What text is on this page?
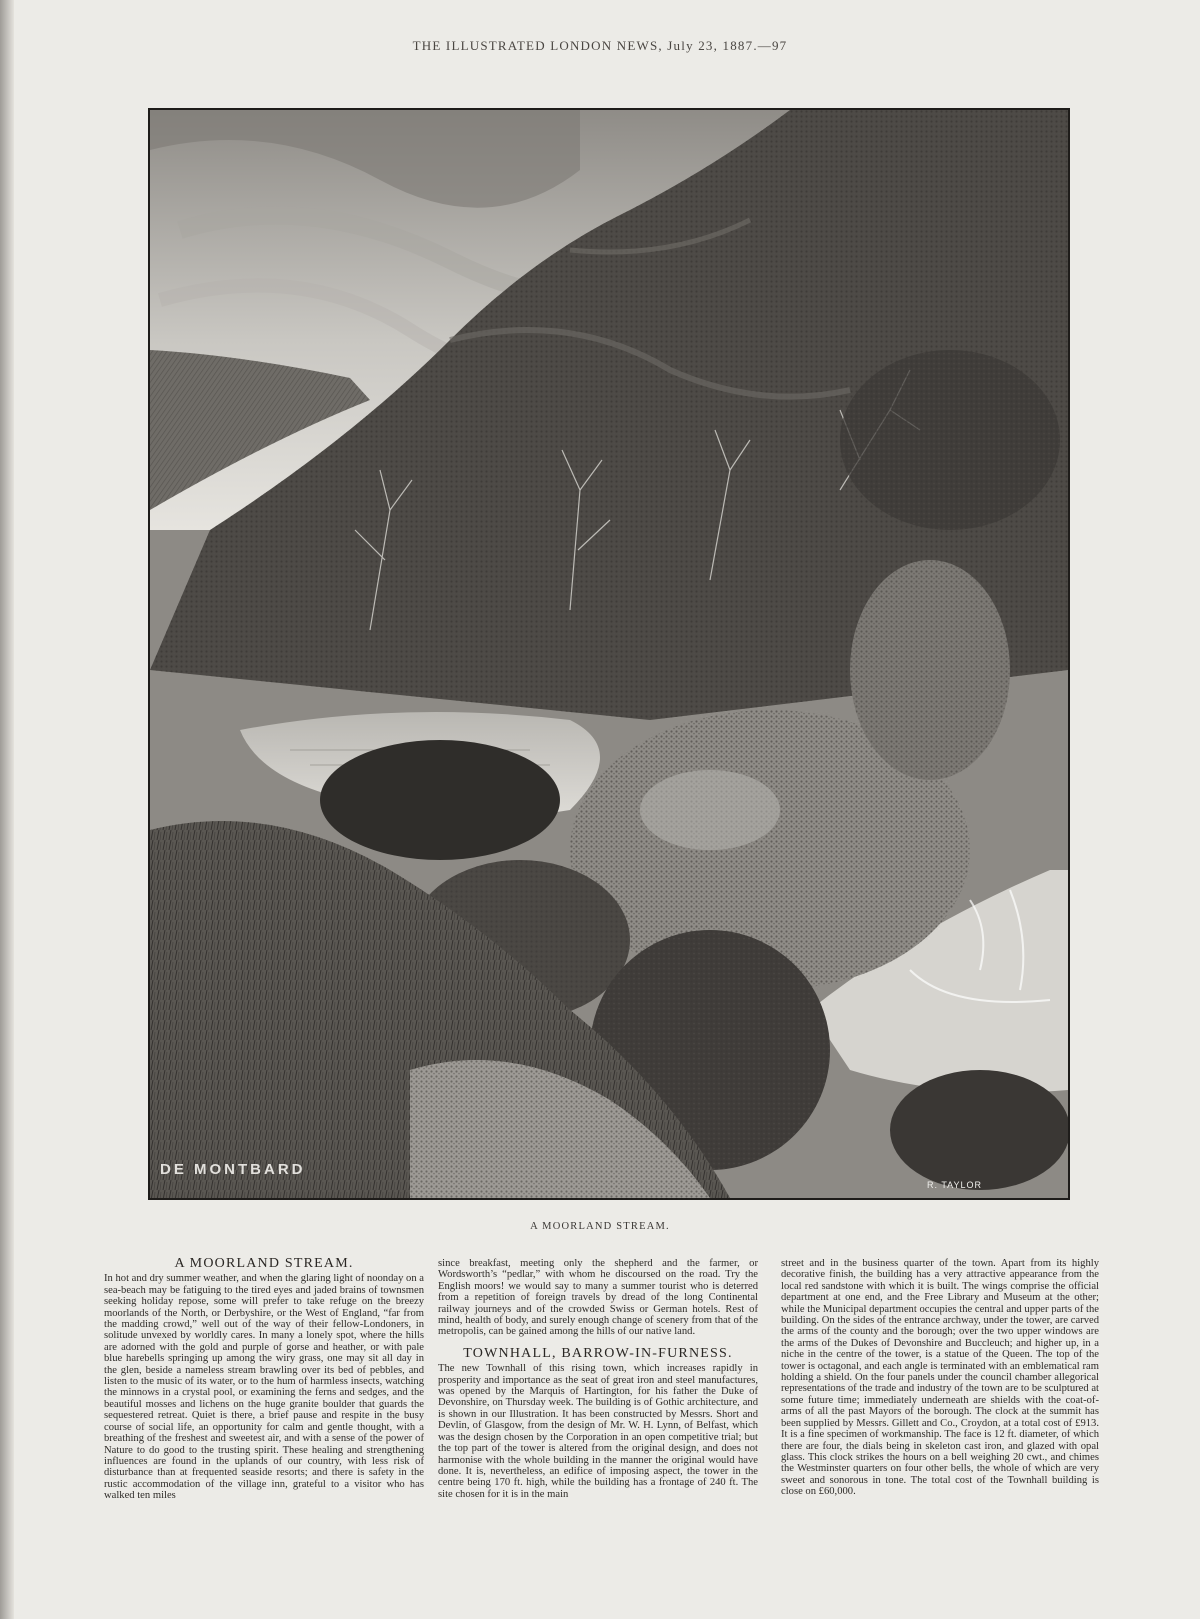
THE ILLUSTRATED LONDON NEWS, July 23, 1887.—97
DE MONTBARD
R. TAYLOR
A MOORLAND STREAM.
A MOORLAND STREAM.

In hot and dry summer weather, and when the glaring light of noonday on a sea-beach may be fatiguing to the tired eyes and jaded brains of townsmen seeking holiday repose, some will prefer to take refuge on the breezy moorlands of the North, or Derbyshire, or the West of England, “far from the madding crowd,” well out of the way of their fellow-Londoners, in solitude unvexed by worldly cares. In many a lonely spot, where the hills are adorned with the gold and purple of gorse and heather, or with pale blue harebells springing up among the wiry grass, one may sit all day in the glen, beside a nameless stream brawling over its bed of pebbles, and listen to the music of its water, or to the hum of harmless insects, watching the minnows in a crystal pool, or examining the ferns and sedges, and the beautiful mosses and lichens on the huge granite boulder that guards the sequestered retreat. Quiet is there, a brief pause and respite in the busy course of social life, an opportunity for calm and gentle thought, with a breathing of the freshest and sweetest air, and with a sense of the power of Nature to do good to the trusting spirit. These healing and strengthening influences are found in the uplands of our country, with less risk of disturbance than at frequented seaside resorts; and there is safety in the rustic accommodation of the village inn, grateful to a visitor who has walked ten miles

since breakfast, meeting only the shepherd and the farmer, or Wordsworth’s “pedlar,” with whom he discoursed on the road. Try the English moors! we would say to many a summer tourist who is deterred from a repetition of foreign travels by dread of the long Continental railway journeys and of the crowded Swiss or German hotels. Rest of mind, health of body, and surely enough change of scenery from that of the metropolis, can be gained among the hills of our native land.

TOWNHALL, BARROW-IN-FURNESS.

The new Townhall of this rising town, which increases rapidly in prosperity and importance as the seat of great iron and steel manufactures, was opened by the Marquis of Hartington, for his father the Duke of Devonshire, on Thursday week. The building is of Gothic architecture, and is shown in our Illustration. It has been constructed by Messrs. Short and Devlin, of Glasgow, from the design of Mr. W. H. Lynn, of Belfast, which was the design chosen by the Corporation in an open competitive trial; but the top part of the tower is altered from the original design, and does not harmonise with the whole building in the manner the original would have done. It is, nevertheless, an edifice of imposing aspect, the tower in the centre being 170 ft. high, while the building has a frontage of 240 ft. The site chosen for it is in the main

street and in the business quarter of the town. Apart from its highly decorative finish, the building has a very attractive appearance from the local red sandstone with which it is built. The wings comprise the official department at one end, and the Free Library and Museum at the other; while the Municipal department occupies the central and upper parts of the building. On the sides of the entrance archway, under the tower, are carved the arms of the county and the borough; over the two upper windows are the arms of the Dukes of Devonshire and Buccleuch; and higher up, in a niche in the centre of the tower, is a statue of the Queen. The top of the tower is octagonal, and each angle is terminated with an emblematical ram holding a shield. On the four panels under the council chamber allegorical representations of the trade and industry of the town are to be sculptured at some future time; immediately underneath are shields with the coat-of-arms of all the past Mayors of the borough. The clock at the summit has been supplied by Messrs. Gillett and Co., Croydon, at a total cost of £913. It is a fine specimen of workmanship. The face is 12 ft. diameter, of which there are four, the dials being in skeleton cast iron, and glazed with opal glass. This clock strikes the hours on a bell weighing 20 cwt., and chimes the Westminster quarters on four other bells, the whole of which are very sweet and sonorous in tone. The total cost of the Townhall building is close on £60,000.
